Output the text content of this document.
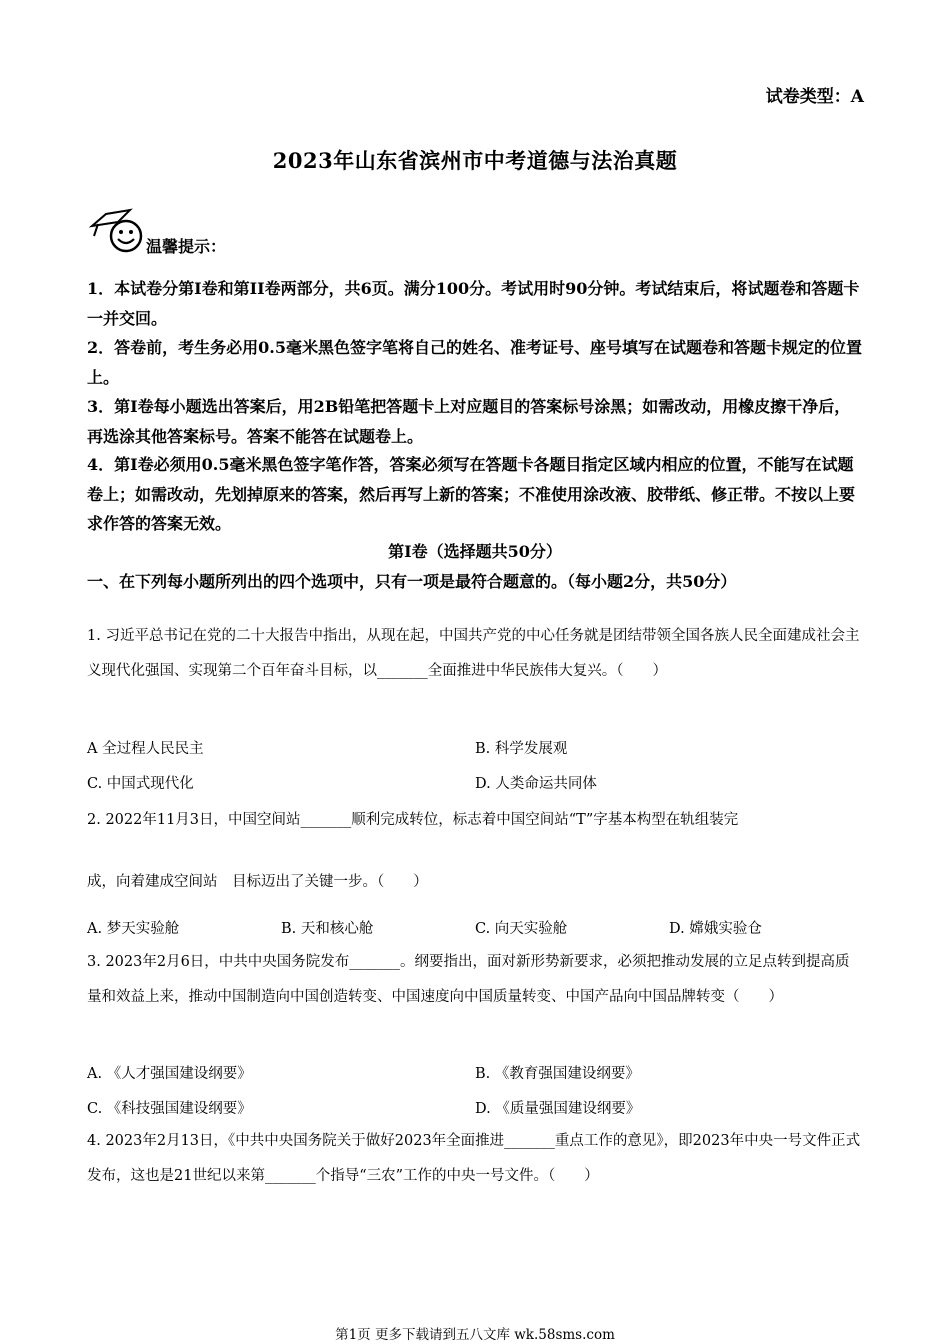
试卷类型：A
2023年山东省滨州市中考道德与法治真题
温馨提示：
1．本试卷分第I卷和第II卷两部分，共6页。满分100分。考试用时90分钟。考试结束后，将试题卷和答题卡一并交回。
2．答卷前，考生务必用0.5毫米黑色签字笔将自己的姓名、准考证号、座号填写在试题卷和答题卡规定的位置上。
3．第Ⅰ卷每小题选出答案后，用2B铅笔把答题卡上对应题目的答案标号涂黑；如需改动，用橡皮擦干净后，再选涂其他答案标号。答案不能答在试题卷上。
4．第I卷必须用0.5毫米黑色签字笔作答，答案必须写在答题卡各题目指定区域内相应的位置，不能写在试题卷上；如需改动，先划掉原来的答案，然后再写上新的答案；不准使用涂改液、胶带纸、修正带。不按以上要求作答的答案无效。
第Ⅰ卷（选择题共50分）
一、在下列每小题所列出的四个选项中，只有一项是最符合题意的。（每小题2分，共50分）
1. 习近平总书记在党的二十大报告中指出，从现在起，中国共产党的中心任务就是团结带领全国各族人民全面建成社会主义现代化强国、实现第二个百年奋斗目标，以_______全面推进中华民族伟大复兴。（　　）
A 全过程人民民主	B. 科学发展观
C. 中国式现代化	D. 人类命运共同体
2. 2022年11月3日，中国空间站_______顺利完成转位，标志着中国空间站“T”字基本构型在轨组装完
成，向着建成空间站　目标迈出了关键一步。（　　）
A. 梦天实验舱	B. 天和核心舱	C. 向天实验舱	D. 嫦娥实验仓
3. 2023年2月6日，中共中央国务院发布_______。纲要指出，面对新形势新要求，必须把推动发展的立足点转到提高质量和效益上来，推动中国制造向中国创造转变、中国速度向中国质量转变、中国产品向中国品牌转变（　　）
A. 《人才强国建设纲要》	B. 《教育强国建设纲要》
C. 《科技强国建设纲要》	D. 《质量强国建设纲要》
4. 2023年2月13日，《中共中央国务院关于做好2023年全面推进_______重点工作的意见》，即2023年中央一号文件正式发布，这也是21世纪以来第_______个指导“三农”工作的中央一号文件。（　　）
第1页 更多下载请到五八文库 wk.58sms.com
